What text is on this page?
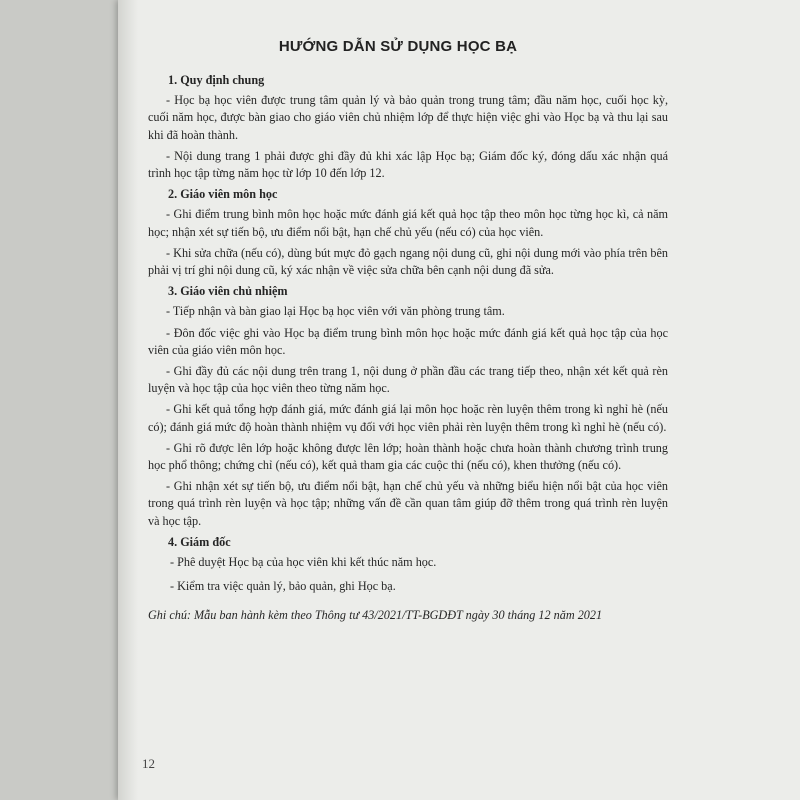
HƯỚNG DẪN SỬ DỤNG HỌC BẠ
1. Quy định chung
- Học bạ học viên được trung tâm quản lý và bảo quản trong trung tâm; đầu năm học, cuối học kỳ, cuối năm học, được bàn giao cho giáo viên chủ nhiệm lớp để thực hiện việc ghi vào Học bạ và thu lại sau khi đã hoàn thành.
- Nội dung trang 1 phải được ghi đầy đủ khi xác lập Học bạ; Giám đốc ký, đóng dấu xác nhận quá trình học tập từng năm học từ lớp 10 đến lớp 12.
2. Giáo viên môn học
- Ghi điểm trung bình môn học hoặc mức đánh giá kết quả học tập theo môn học từng học kì, cả năm học; nhận xét sự tiến bộ, ưu điểm nổi bật, hạn chế chủ yếu (nếu có) của học viên.
- Khi sửa chữa (nếu có), dùng bút mực đỏ gạch ngang nội dung cũ, ghi nội dung mới vào phía trên bên phải vị trí ghi nội dung cũ, ký xác nhận về việc sửa chữa bên cạnh nội dung đã sửa.
3. Giáo viên chủ nhiệm
- Tiếp nhận và bàn giao lại Học bạ học viên với văn phòng trung tâm.
- Đôn đốc việc ghi vào Học bạ điểm trung bình môn học hoặc mức đánh giá kết quả học tập của học viên của giáo viên môn học.
- Ghi đầy đủ các nội dung trên trang 1, nội dung ở phần đầu các trang tiếp theo, nhận xét kết quả rèn luyện và học tập của học viên theo từng năm học.
- Ghi kết quả tổng hợp đánh giá, mức đánh giá lại môn học hoặc rèn luyện thêm trong kì nghỉ hè (nếu có); đánh giá mức độ hoàn thành nhiệm vụ đối với học viên phải rèn luyện thêm trong kì nghỉ hè (nếu có).
- Ghi rõ được lên lớp hoặc không được lên lớp; hoàn thành hoặc chưa hoàn thành chương trình trung học phổ thông; chứng chỉ (nếu có), kết quả tham gia các cuộc thi (nếu có), khen thưởng (nếu có).
- Ghi nhận xét sự tiến bộ, ưu điểm nổi bật, hạn chế chủ yếu và những biểu hiện nổi bật của học viên trong quá trình rèn luyện và học tập; những vấn đề cần quan tâm giúp đỡ thêm trong quá trình rèn luyện và học tập.
4. Giám đốc
- Phê duyệt Học bạ của học viên khi kết thúc năm học.
- Kiểm tra việc quản lý, bảo quản, ghi Học bạ.
Ghi chú: Mẫu ban hành kèm theo Thông tư 43/2021/TT-BGDĐT ngày 30 tháng 12 năm 2021
12
